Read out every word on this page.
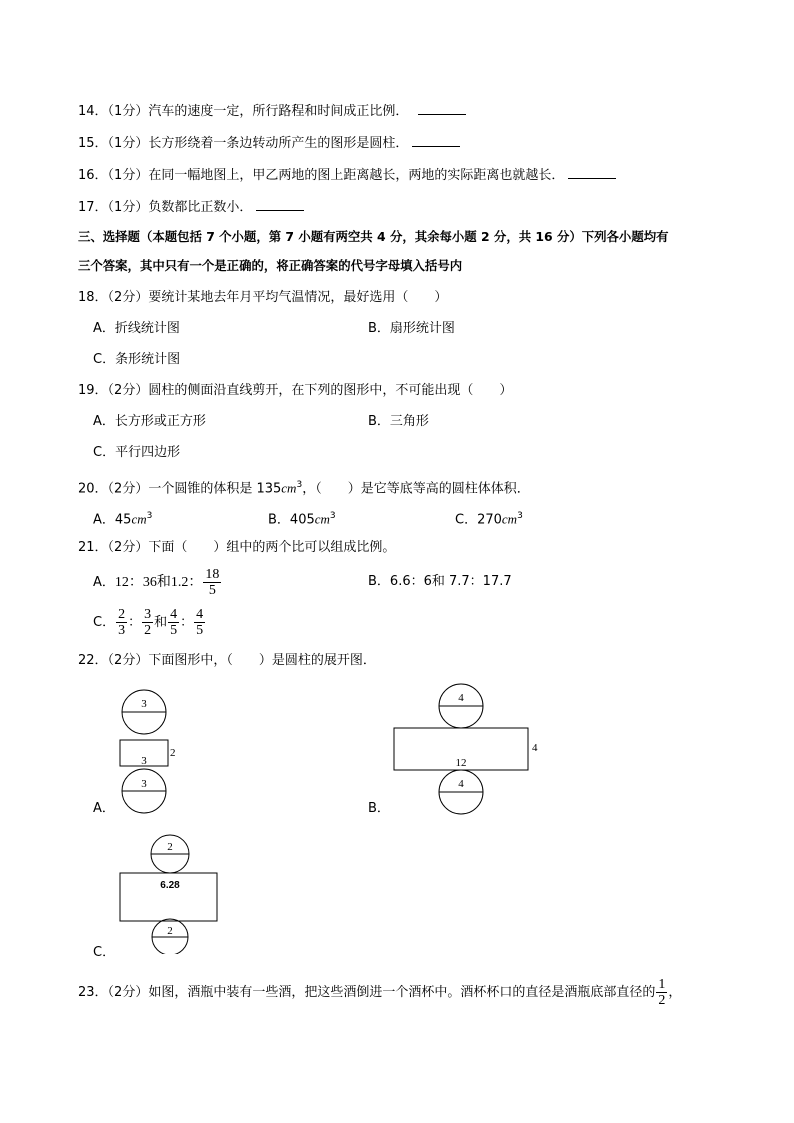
14．（1分）汽车的速度一定，所行路程和时间成正比例．
15．（1分）长方形绕着一条边转动所产生的图形是圆柱．
16．（1分）在同一幅地图上，甲乙两地的图上距离越长，两地的实际距离也就越长．
17．（1分）负数都比正数小．
三、选择题（本题包括 7 个小题，第 7 小题有两空共 4 分，其余每小题 2 分，共 16 分）下列各小题均有
三个答案，其中只有一个是正确的，将正确答案的代号字母填入括号内
18．（2分）要统计某地去年月平均气温情况，最好选用（　　）
A．折线统计图	B．扇形统计图
C．条形统计图
19．（2分）圆柱的侧面沿直线剪开，在下列的图形中，不可能出现（　　）
A．长方形或正方形	B．三角形
C．平行四边形
20．（2分）一个圆锥的体积是 $135cm^3$，（　　）是它等底等高的圆柱体体积．
A．$45cm^3$	B．$405cm^3$	C．$270cm^3$
21．（2分）下面（　　）组中的两个比可以组成比例。
A．12：36和1.2： $\frac{18}{5}$	B．6.6：6和 7.7：17.7
C． $\frac{2}{3}$ ： $\frac{3}{2}$ 和 $\frac{4}{5}$ ： $\frac{4}{5}$
22．（2分）下面图形中，（　　）是圆柱的展开图．
3
3
2
3
A．
4
12
4
4
B．
2
6.28
2
C．
23．（2分）如图，酒瓶中装有一些酒，把这些酒倒进一个酒杯中。酒杯杯口的直径是酒瓶底部直径的 $\frac{1}{2}$ ，
